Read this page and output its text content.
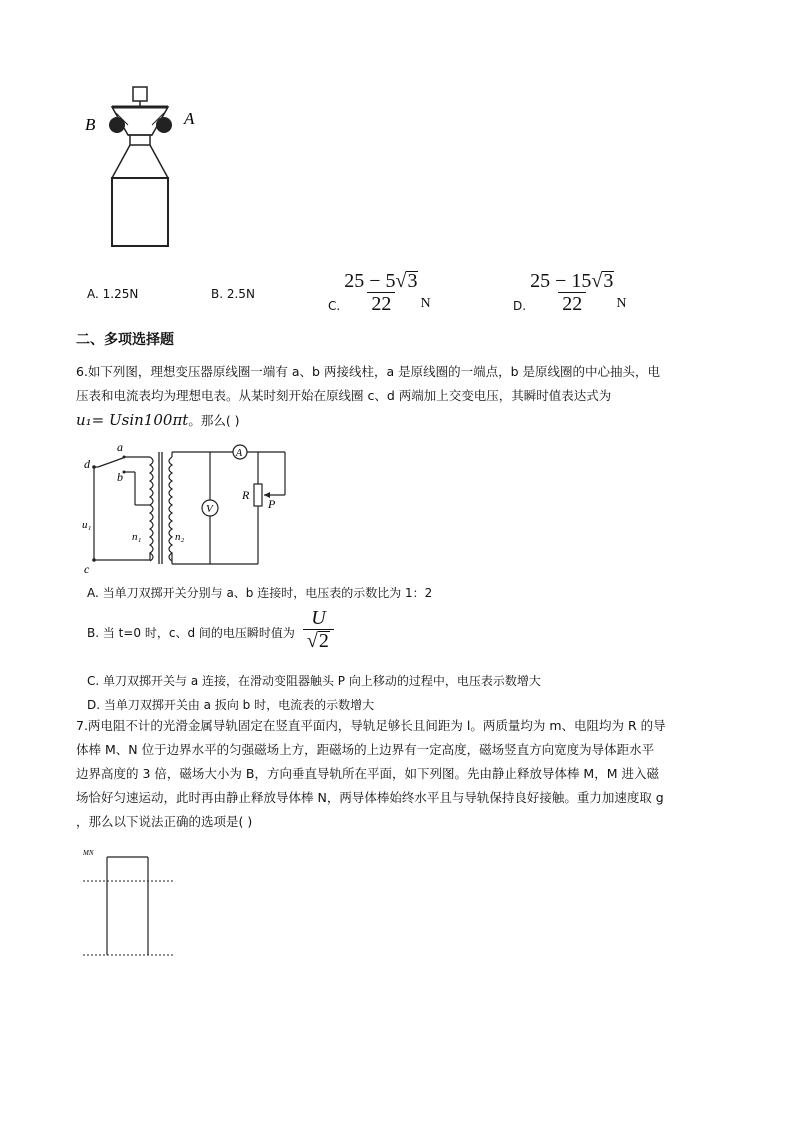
B	A
A. 1.25N	B. 2.5N
C. $\frac{25 - 5√3}{22}$ N	D. $\frac{25 - 15√3}{22}$ N
二、多项选择题
6.如下列图，理想变压器原线圈一端有 a、b 两接线柱，a 是原线圈的一端点，b 是原线圈的中心抽头，电
压表和电流表均为理想电表。从某时刻开始在原线圈 c、d 两端加上交变电压，其瞬时值表达式为
u₁= Usin100πt。那么( )
V
A
a
b
d
c
u₁
n₁	n₂
R
P
A. 当单刀双掷开关分别与 a、b 连接时，电压表的示数比为 1：2
B. 当 t=0 时，c、d 间的电压瞬时值为 $\frac{U}{√2}$
C. 单刀双掷开关与 a 连接，在滑动变阻器触头 P 向上移动的过程中，电压表示数增大
D. 当单刀双掷开关由 a 扳向 b 时，电流表的示数增大
7.两电阻不计的光滑金属导轨固定在竖直平面内，导轨足够长且间距为 l。两质量均为 m、电阻均为 R 的导
体棒 M、N 位于边界水平的匀强磁场上方，距磁场的上边界有一定高度，磁场竖直方向宽度为导体距水平
边界高度的 3 倍，磁场大小为 B，方向垂直导轨所在平面，如下列图。先由静止释放导体棒 M，M 进入磁
场恰好匀速运动，此时再由静止释放导体棒 N，两导体棒始终水平且与导轨保持良好接触。重力加速度取 g
，那么以下说法正确的选项是( )
MN
